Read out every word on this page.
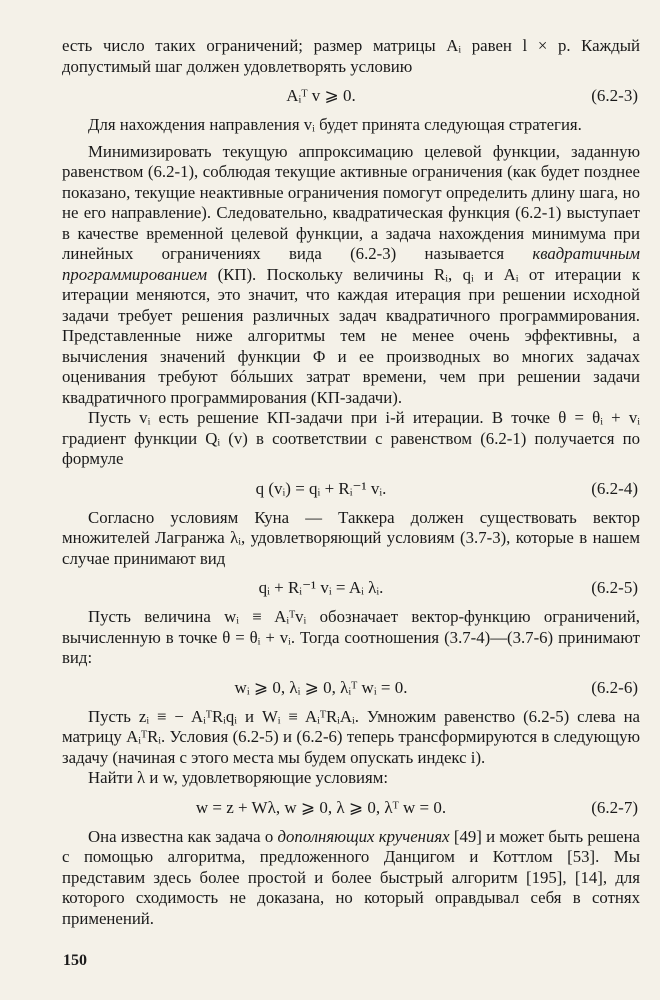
есть число таких ограничений; размер матрицы Aᵢ равен l × p. Каждый допустимый шаг должен удовлетворять условию

Aᵢᵀ v ⩾ 0.	(6.2-3)

Для нахождения направления vᵢ будет принята следующая стратегия.

Минимизировать текущую аппроксимацию целевой функции, заданную равенством (6.2-1), соблюдая текущие активные ограничения (как будет позднее показано, текущие неактивные ограничения помогут определить длину шага, но не его направление). Следовательно, квадратическая функция (6.2-1) выступает в качестве временной целевой функции, а задача нахождения минимума при линейных ограничениях вида (6.2-3) называется квадратичным программированием (КП). Поскольку величины Rᵢ, qᵢ и Aᵢ от итерации к итерации меняются, это значит, что каждая итерация при решении исходной задачи требует решения различных задач квадратичного программирования. Представленные ниже алгоритмы тем не менее очень эффективны, а вычисления значений функции Φ и ее производных во многих задачах оценивания требуют бóльших затрат времени, чем при решении задачи квадратичного программирования (КП-задачи).

Пусть vᵢ есть решение КП-задачи при i-й итерации. В точке θ = θᵢ + vᵢ градиент функции Qᵢ (v) в соответствии с равенством (6.2-1) получается по формуле

q (vᵢ) = qᵢ + Rᵢ⁻¹ vᵢ.	(6.2-4)

Согласно условиям Куна — Таккера должен существовать вектор множителей Лагранжа λᵢ, удовлетворяющий условиям (3.7-3), которые в нашем случае принимают вид

qᵢ + Rᵢ⁻¹ vᵢ = Aᵢ λᵢ.	(6.2-5)

Пусть величина wᵢ ≡ Aᵢᵀvᵢ обозначает вектор-функцию ограничений, вычисленную в точке θ = θᵢ + vᵢ. Тогда соотношения (3.7-4)—(3.7-6) принимают вид:

wᵢ ⩾ 0, λᵢ ⩾ 0, λᵢᵀ wᵢ = 0.	(6.2-6)

Пусть zᵢ ≡ − AᵢᵀRᵢqᵢ и Wᵢ ≡ AᵢᵀRᵢAᵢ. Умножим равенство (6.2-5) слева на матрицу AᵢᵀRᵢ. Условия (6.2-5) и (6.2-6) теперь трансформируются в следующую задачу (начиная с этого места мы будем опускать индекс i).

Найти λ и w, удовлетворяющие условиям:

w = z + Wλ, w ⩾ 0, λ ⩾ 0, λᵀ w = 0.	(6.2-7)

Она известна как задача о дополняющих кручениях [49] и может быть решена с помощью алгоритма, предложенного Данцигом и Коттлом [53]. Мы представим здесь более простой и более быстрый алгоритм [195], [14], для которого сходимость не доказана, но который оправдывал себя в сотнях применений.

150
